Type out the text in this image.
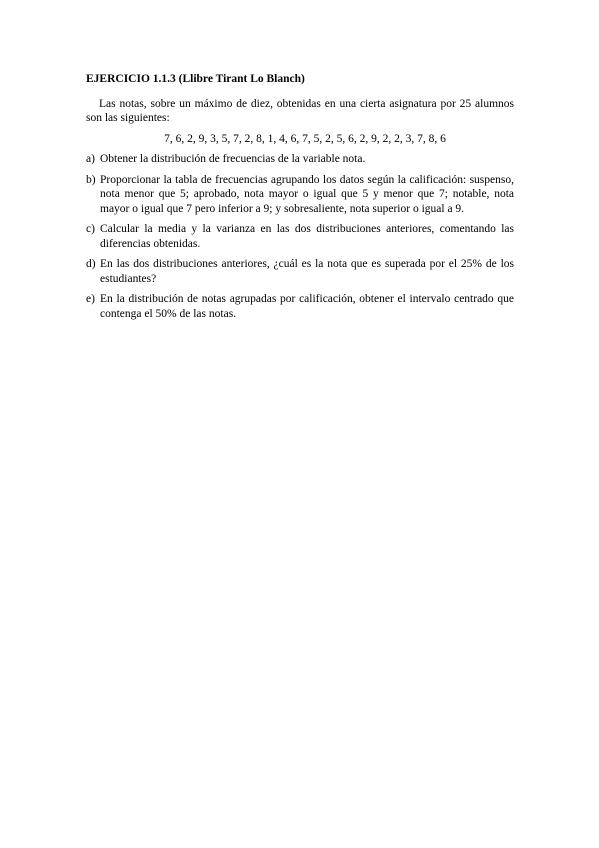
EJERCICIO 1.1.3 (Llibre Tirant Lo Blanch)
Las notas, sobre un máximo de diez, obtenidas en una cierta asignatura por 25 alumnos son las siguientes:
7, 6, 2, 9, 3, 5, 7, 2, 8, 1, 4, 6, 7, 5, 2, 5, 6, 2, 9, 2, 2, 3, 7, 8, 6
a) Obtener la distribución de frecuencias de la variable nota.
b) Proporcionar la tabla de frecuencias agrupando los datos según la calificación: suspenso, nota menor que 5; aprobado, nota mayor o igual que 5 y menor que 7; notable, nota mayor o igual que 7 pero inferior a 9; y sobresaliente, nota superior o igual a 9.
c) Calcular la media y la varianza en las dos distribuciones anteriores, comentando las diferencias obtenidas.
d) En las dos distribuciones anteriores, ¿cuál es la nota que es superada por el 25% de los estudiantes?
e) En la distribución de notas agrupadas por calificación, obtener el intervalo centrado que contenga el 50% de las notas.
